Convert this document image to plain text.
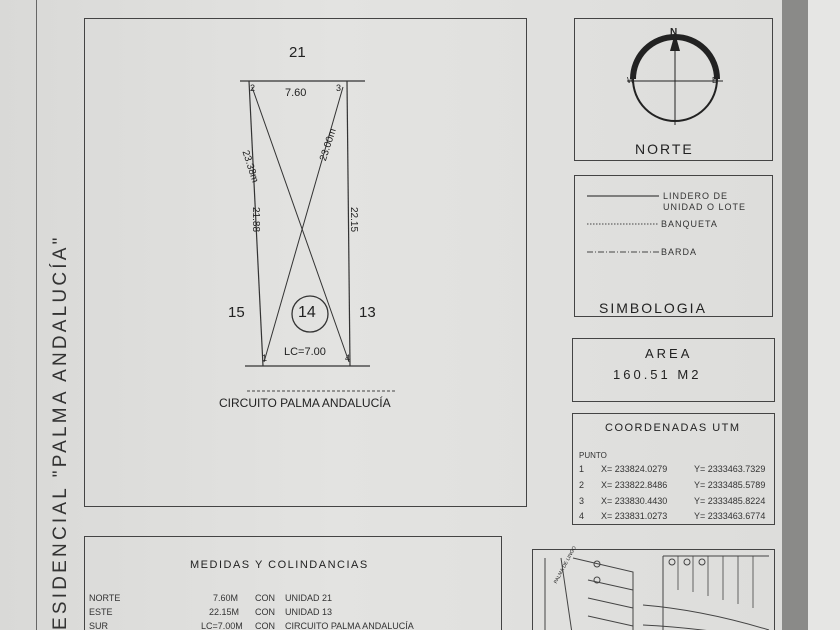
ESIDENCIAL "PALMA ANDALUCÍA"
21
15	13
14
7.60
23.38m
23.00m
21.88	22.15
LC=7.00
1
2	3
4
CIRCUITO PALMA ANDALUCÍA
N
W	E
NORTE
LINDERO DE
UNIDAD O LOTE
BANQUETA
BARDA
SIMBOLOGIA
AREA
160.51 M2
COORDENADAS UTM
PUNTO
1 X= 233824.0279	Y= 2333463.7329
2 X= 233822.8486	Y= 2333485.5789
3 X= 233830.4430	Y= 2333485.8224
4 X= 233831.0273	Y= 2333463.6774
MEDIDAS Y COLINDANCIAS
NORTE	7.60M CON UNIDAD 21
ESTE	22.15M CON UNIDAD 13
SUR	LC=7.00M CON CIRCUITO PALMA ANDALUCÍA
PALMA DE LINGO
